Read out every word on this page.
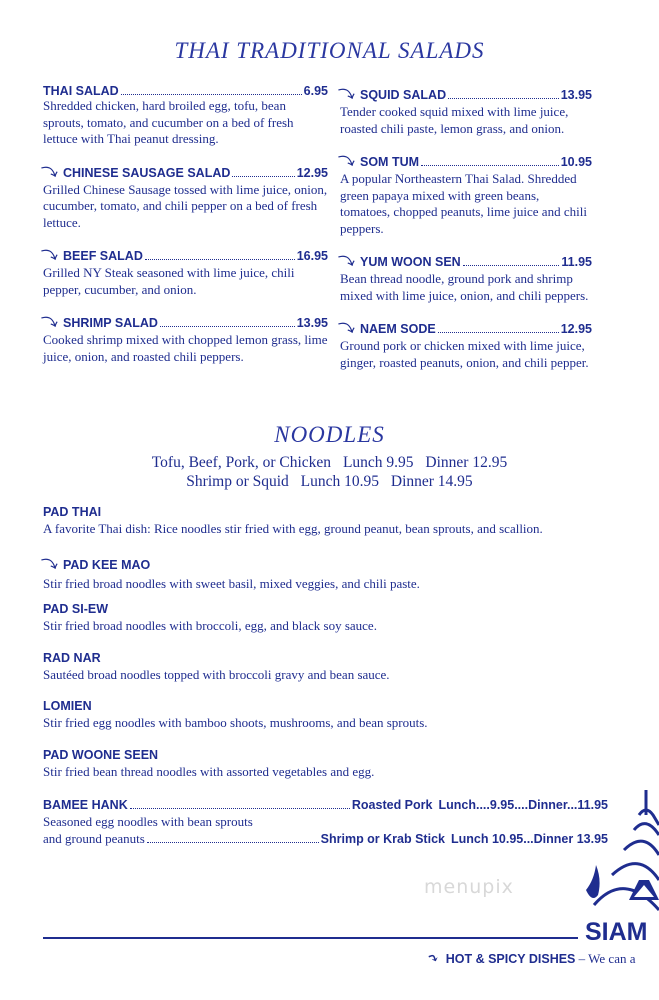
THAI TRADITIONAL SALADS
THAI SALAD	6.95
Shredded chicken, hard broiled egg, tofu, bean sprouts, tomato, and cucumber on a bed of fresh lettuce with Thai peanut dressing.
⤵ CHINESE SAUSAGE SALAD	12.95
Grilled Chinese Sausage tossed with lime juice, onion, cucumber, tomato, and chili pepper on a bed of fresh lettuce.
⤵ BEEF SALAD	16.95
Grilled NY Steak seasoned with lime juice, chili pepper, cucumber, and onion.
⤵ SHRIMP SALAD	13.95
Cooked shrimp mixed with chopped lemon grass, lime juice, onion, and roasted chili peppers.
⤵ SQUID SALAD	13.95
Tender cooked squid mixed with lime juice, roasted chili paste, lemon grass, and onion.
⤵ SOM TUM	10.95
A popular Northeastern Thai Salad. Shredded green papaya mixed with green beans, tomatoes, chopped peanuts, lime juice and chili peppers.
⤵ YUM WOON SEN	11.95
Bean thread noodle, ground pork and shrimp mixed with lime juice, onion, and chili peppers.
⤵ NAEM SODE	12.95
Ground pork or chicken mixed with lime juice, ginger, roasted peanuts, onion, and chili pepper.
NOODLES
Tofu, Beef, Pork, or Chicken Lunch 9.95 Dinner 12.95
Shrimp or Squid Lunch 10.95 Dinner 14.95
PAD THAI
A favorite Thai dish: Rice noodles stir fried with egg, ground peanut, bean sprouts, and scallion.
⤵ PAD KEE MAO
Stir fried broad noodles with sweet basil, mixed veggies, and chili paste.
PAD SI-EW
Stir fried broad noodles with broccoli, egg, and black soy sauce.
RAD NAR
Sautéed broad noodles topped with broccoli gravy and bean sauce.
LOMIEN
Stir fried egg noodles with bamboo shoots, mushrooms, and bean sprouts.
PAD WOONE SEEN
Stir fried bean thread noodles with assorted vegetables and egg.
BAMEE HANK	Roasted Pork Lunch....9.95....Dinner...11.95
Seasoned egg noodles with bean sprouts
and ground peanuts	Shrimp or Krab Stick Lunch 10.95...Dinner 13.95
menupix
SIAM
⤵ HOT & SPICY DISHES – We can a
